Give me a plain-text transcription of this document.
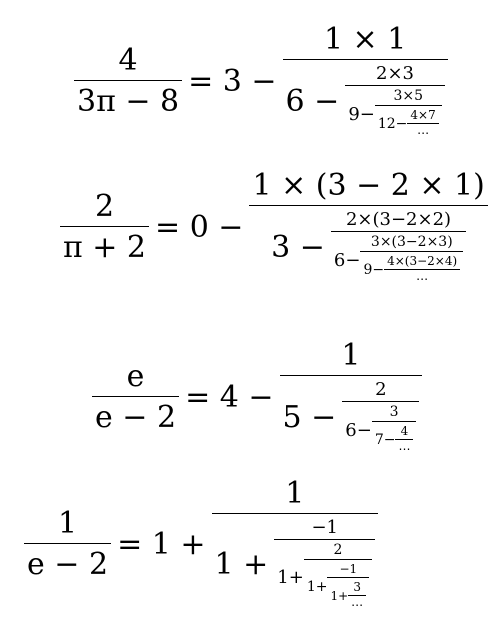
$\frac{4}{3\pi - 8} = 3$ −
1 × 1
6 −
2×3
9−
3×5
$12- \frac{4\times 7}{\cdots}$
$\frac{2}{\pi + 2} = 0$ −
1 × (3 − 2 × 1)
3 −
2×(3−2×2)
6−
3×(3−2×3)
$9- \frac{4\times(3-2\times 4)}{\cdots}$
$\frac{e}{e - 2} = 4$ −
1
5 −
2
6−
3
$7- \frac{4}{\cdots}$
$\frac{1}{e - 2} = 1$ +
1
1 +
−1
1+
2
1+
−1
$1+ \frac{3}{\cdots}$
